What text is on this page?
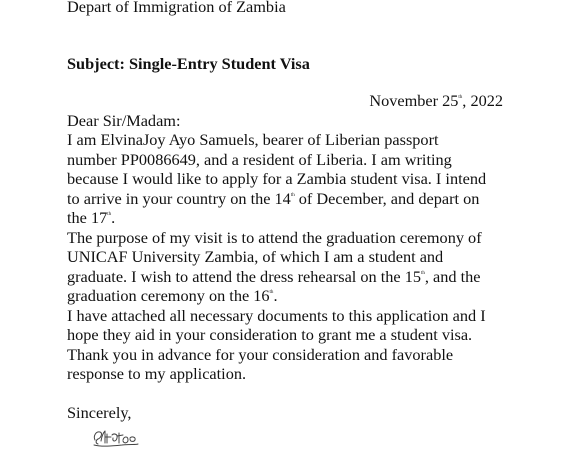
Depart of Immigration of Zambia
Subject: Single-Entry Student Visa
November 25th, 2022
Dear Sir/Madam:
I am ElvinaJoy Ayo Samuels, bearer of Liberian passport
number PP0086649, and a resident of Liberia. I am writing
because I would like to apply for a Zambia student visa. I intend
to arrive in your country on the 14th of December, and depart on
the 17th.
The purpose of my visit is to attend the graduation ceremony of
UNICAF University Zambia, of which I am a student and
graduate. I wish to attend the dress rehearsal on the 15th, and the
graduation ceremony on the 16th.
I have attached all necessary documents to this application and I
hope they aid in your consideration to grant me a student visa.
Thank you in advance for your consideration and favorable
response to my application.
Sincerely,
